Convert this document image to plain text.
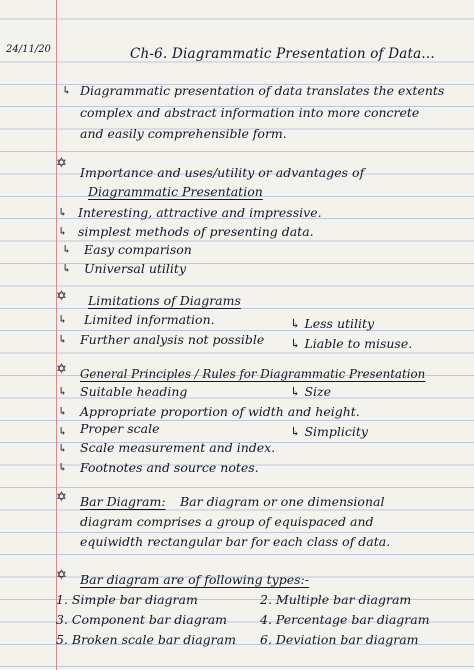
24/11/20	Ch-6. Diagrammatic Presentation of Data...
↳ Diagrammatic presentation of data translates the extents
complex and abstract information into more concrete
and easily comprehensible form.
✡
Importance and uses/utility or advantages of
Diagrammatic Presentation
↳ Interesting, attractive and impressive.
↳ simplest methods of presenting data.
↳ Easy comparison
↳ Universal utility
✡ Limitations of Diagrams
↳ Limited information.	↳ Less utility
↳ Further analysis not possible ↳ Liable to misuse.
✡ General Principles / Rules for Diagrammatic Presentation
↳ Suitable heading	↳ Size
↳ Appropriate proportion of width and height.
↳ Proper scale	↳ Simplicity
↳ Scale measurement and index.
↳ Footnotes and source notes.
✡ Bar Diagram: Bar diagram or one dimensional
diagram comprises a group of equispaced and
equiwidth rectangular bar for each class of data.
✡ Bar diagram are of following types:-
1. Simple bar diagram	2. Multiple bar diagram
3. Component bar diagram	4. Percentage bar diagram
5. Broken scale bar diagram 6. Deviation bar diagram
